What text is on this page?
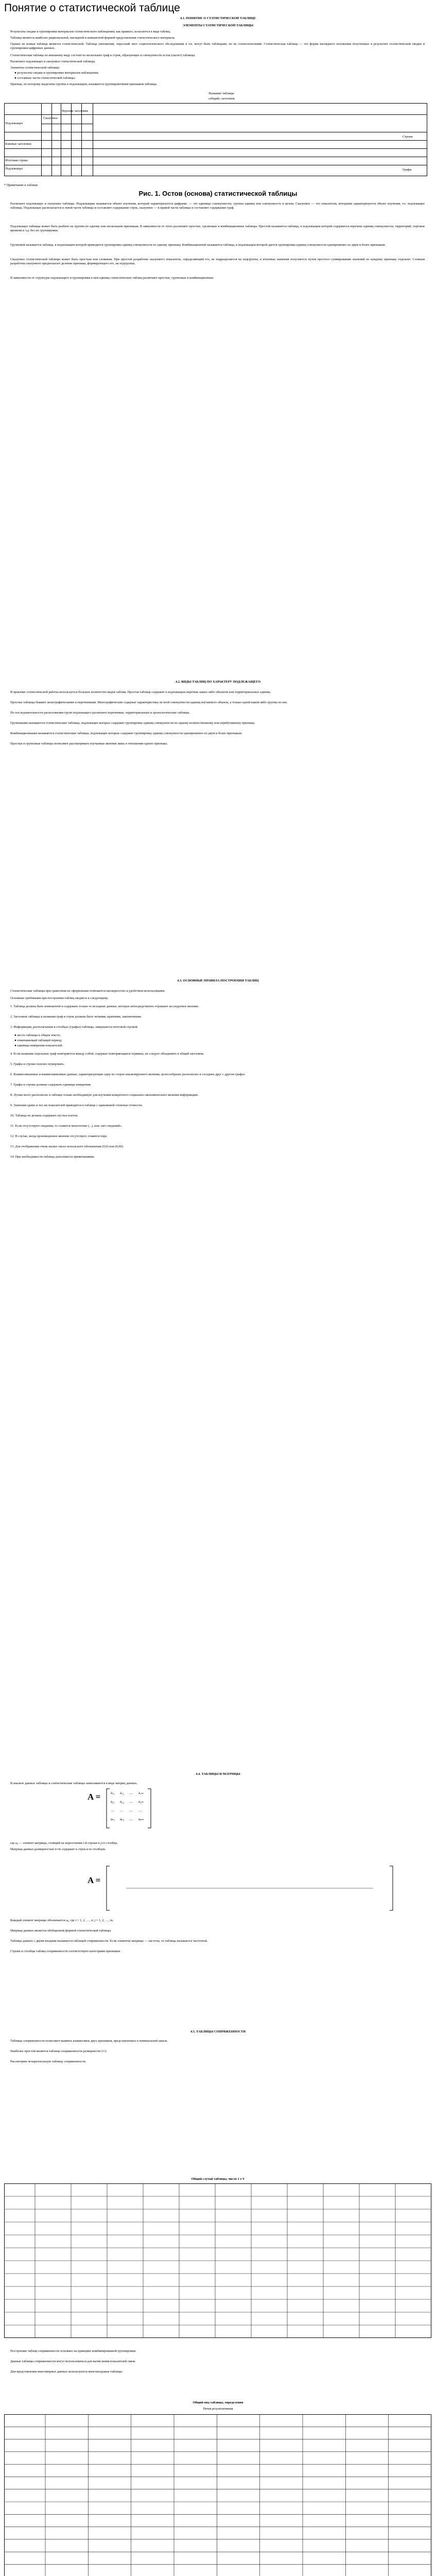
Понятие о статистической таблице
4.1. ПОНЯТИЕ О СТАТИСТИЧЕСКОЙ ТАБЛИЦЕ
ЭЛЕМЕНТЫ СТАТИСТИЧЕСКОЙ ТАБЛИЦЫ
Результаты сводки и группировки материалов статистического наблюдения, как правило, излагаются в виде таблиц.
Таблица является наиболее рациональной, наглядной и компактной формой представления статистического материала.
Однако не всякая таблица является статистической. Таблица умножения, опросный лист социологического обследования и т.п. могут быть таблицами, но не статистическими. Статистическая таблица — это форма наглядного изложения полученных в результате статистической сводки и группировки цифровых данных.
Статистическая таблица по внешнему виду состоит из нескольких граф и строк, образующих в совокупности остов (скелет) таблицы.
Различают подлежащее и сказуемое статистической таблицы.
Элементы статистической таблицы:
● результаты сводки и группировки материалов наблюдения;
● составные части статистической таблицы.
Признак, по которому выделены группы в подлежащем, называется группировочным признаком таблицы.
Название таблицы
«общий» заголовок
Подлежащее
Сказуемое
Верхние заголовки
Боковые заголовки
Итоговая строка
Подлежащее
Строки
Графы
* Примечание к таблице
Рис. 1. Остов (основа) статистической таблицы
Различают подлежащее и сказуемое таблицы. Подлежащим называется объект изучения, который характеризуется цифрами, — это единицы совокупности, группы единиц или совокупность в целом. Сказуемое — это показатели, которыми характеризуется объект изучения, т.е. подлежащее таблицы. Подлежащее располагается в левой части таблицы и составляет содержание строк, сказуемое — в правой части таблицы и составляет содержание граф.
Подлежащее таблицы может быть разбито на группы по одному или нескольким признакам. В зависимости от этого различают простые, групповые и комбинационные таблицы. Простой называется таблица, в подлежащем которой содержится перечень единиц совокупности, территорий, отрезков времени и т.д. без их группировки.
Групповой называется таблица, в подлежащем которой приводится группировка единиц совокупности по одному признаку. Комбинационной называется таблица, в подлежащем которой дается группировка единиц совокупности одновременно по двум и более признакам.
Сказуемое статистической таблицы может быть простым или сложным. При простой разработке сказуемого показатель, определяющий его, не подразделяется на подгруппы, и итоговые значения получаются путем простого суммирования значений по каждому признаку отдельно. Сложная разработка сказуемого предполагает деление признака, формирующего его, на подгруппы.
В зависимости от структуры подлежащего и группировки в нем единиц статистических таблиц различают простые, групповые и комбинационные.
4.2. ВИДЫ ТАБЛИЦ ПО ХАРАКТЕРУ ПОДЛЕЖАЩЕГО
В практике статистической работы используется большое количество видов таблиц. Простая таблица содержит в подлежащем перечень каких-либо объектов или территориальных единиц.
Простые таблицы бывают монографическими и перечневыми. Монографические содержат характеристику не всей совокупности единиц изучаемого объекта, а только одной какой-либо группы из нее.
По последовательности расположения групп подлежащего различают перечневые, территориальные и хронологические таблицы.
Групповыми называются статистические таблицы, подлежащее которых содержит группировку единиц совокупности по одному количественному или атрибутивному признаку.
Комбинационными называются статистические таблицы, подлежащее которых содержит группировку единиц совокупности одновременно по двум и более признакам.
Простые и групповые таблицы позволяют рассматривать изучаемые явления лишь в отношении одного признака.
4.3. ОСНОВНЫЕ ПРАВИЛА ПОСТРОЕНИЯ ТАБЛИЦ
Статистические таблицы при грамотном их оформлении отличаются наглядностью и удобством использования.
Основные требования при построении таблиц сводятся к следующему.
1. Таблица должна быть компактной и содержать только те исходные данные, которые непосредственно отражают исследуемое явление.
2. Заголовок таблицы и названия граф и строк должны быть четкими, краткими, лаконичными.
3. Информация, располагаемая в столбцах (графах) таблицы, завершается итоговой строкой.
● место таблицы в общем тексте;
● охватываемый таблицей период;
● единицы измерения показателей.
4. Если названия отдельных граф повторяются между собой, содержат повторяющиеся термины, их следует объединить в общий заголовок.
5. Графы и строки полезно нумеровать.
6. Взаимосвязанные и взаимозависимые данные, характеризующие одну из сторон анализируемого явления, целесообразно располагать в соседних друг с другом графах.
7. Графы и строки должны содержать единицы измерения.
8. Лучше всего располагать в таблице только необходимую для изучения конкретного социально-экономического явления информацию.
9. Значения одних и тех же показателей приводятся в таблице с одинаковой степенью точности.
10. Таблица не должна содержать пустых клеток.
11. Если отсутствуют сведения, то ставится многоточие (...), или «нет сведений».
12. В случае, когда произведенное явление отсутствует, ставится тире.
13. Для отображения очень малых чисел используют обозначения (0,0) или (0,00).
14. При необходимости таблица дополняется примечаниями.
4.4. ТАБЛИЦЫ И МАТРИЦЫ
В анализе данных таблицы и статистические таблицы записываются в виде матриц данных.
A =	a₁₁ a₁₂ … a₁ₘ
a₂₁ a₂₂ … a₂ₘ
… … … …
aₙ₁ aₙ₂ … aₙₘ
где aᵢⱼ — элемент матрицы, стоящий на пересечении i-й строки и j-го столбца.
Матрица данных размерностью n×m содержит n строк и m столбцов.
A =
Каждый элемент матрицы обозначается aᵢⱼ, где i = 1, 2, …, n; j = 1, 2, …, m.
Матрица данных является обобщенной формой статистической таблицы.
Таблица данных с двумя входами называется таблицей сопряженности. Если элементы матрицы — частоты, то таблица называется частотной.
Строки и столбцы таблиц сопряженности соответствуют категориям признаков.
4.5. ТАБЛИЦЫ СОПРЯЖЕННОСТИ
Таблицы сопряженности позволяют выявить взаимосвязь двух признаков, представленных в номинальной шкале.
Наиболее простой является таблица сопряженности размерности 2×2.
Рассмотрим четырехпольную таблицу сопряженности.
Общий случай таблицы, число 1 x Y
Построение таблиц сопряженности основано на принципе комбинированной группировки.
Данные таблицы сопряженности могут использоваться для вычисления показателей связи.
Для представления многомерных данных используются многовходовые таблицы.
Общий вид таблицы, определения
Пятая результативная
